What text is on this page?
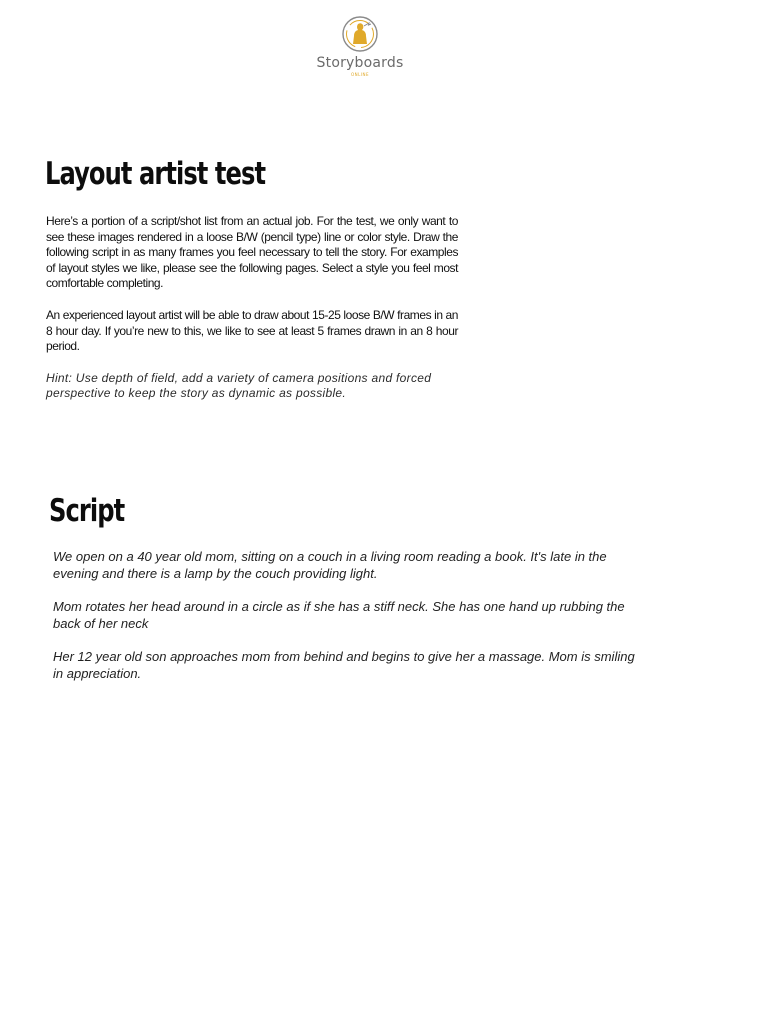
Storyboards
ONLINE
Layout artist test

Here’s a portion of a script/shot list from an actual job. For the test, we only want to see these images rendered in a loose B/W (pencil type) line or color style. Draw the following script in as many frames you feel necessary to tell the story. For examples of layout styles we like, please see the following pages. Select a style you feel most comfortable completing.

An experienced layout artist will be able to draw about 15-25 loose B/W frames in an 8 hour day. If you’re new to this, we like to see at least 5 frames drawn in an 8 hour period.

Hint: Use depth of field, add a variety of camera positions and forced perspective to keep the story as dynamic as possible.

Script

We open on a 40 year old mom, sitting on a couch in a living room reading a book. It's late in the evening and there is a lamp by the couch providing light.

Mom rotates her head around in a circle as if she has a stiff neck. She has one hand up rubbing the back of her neck

Her 12 year old son approaches mom from behind and begins to give her a massage. Mom is smiling in appreciation.
